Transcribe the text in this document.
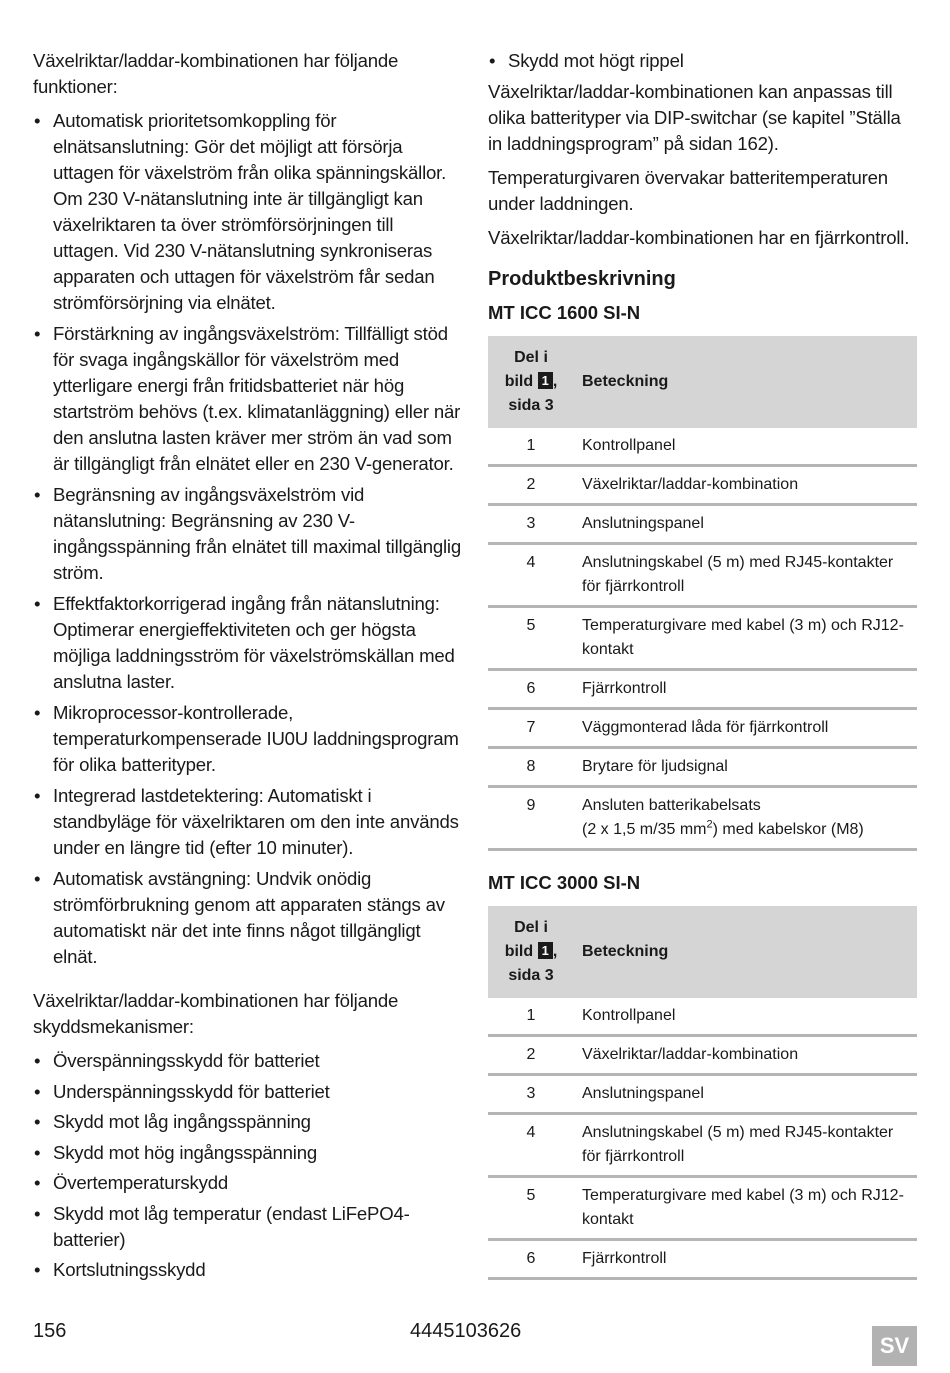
Växelriktar/laddar-kombinationen har följande funktioner:

• Automatisk prioritetsomkoppling för elnätsanslutning: Gör det möjligt att försörja uttagen för växelström från olika spänningskällor. Om 230 V-nätanslutning inte är tillgängligt kan växelriktaren ta över strömförsörjningen till uttagen. Vid 230 V-nätanslutning synkroniseras apparaten och uttagen för växelström får sedan strömförsörjning via elnätet.
• Förstärkning av ingångsväxelström: Tillfälligt stöd för svaga ingångskällor för växelström med ytterligare energi från fritidsbatteriet när hög startström behövs (t.ex. klimatanläggning) eller när den anslutna lasten kräver mer ström än vad som är tillgängligt från elnätet eller en 230 V-generator.
• Begränsning av ingångsväxelström vid nätanslutning: Begränsning av 230 V-ingångsspänning från elnätet till maximal tillgänglig ström.
• Effektfaktorkorrigerad ingång från nätanslutning: Optimerar energieffektiviteten och ger högsta möjliga laddningsström för växelströmskällan med anslutna laster.
• Mikroprocessor-kontrollerade, temperaturkompenserade IU0U laddningsprogram för olika batterityper.
• Integrerad lastdetektering: Automatiskt i standbyläge för växelriktaren om den inte används under en längre tid (efter 10 minuter).
• Automatisk avstängning: Undvik onödig strömförbrukning genom att apparaten stängs av automatiskt när det inte finns något tillgängligt elnät.

Växelriktar/laddar-kombinationen har följande skyddsmekanismer:

• Överspänningsskydd för batteriet
• Underspänningsskydd för batteriet
• Skydd mot låg ingångsspänning
• Skydd mot hög ingångsspänning
• Övertemperaturskydd
• Skydd mot låg temperatur (endast LiFePO4-batterier)
• Kortslutningsskydd
• Skydd mot högt rippel

Växelriktar/laddar-kombinationen kan anpassas till olika batterityper via DIP-switchar (se kapitel ”Ställa in laddningsprogram” på sidan 162).

Temperaturgivaren övervakar batteritemperaturen under laddningen.

Växelriktar/laddar-kombinationen har en fjärrkontroll.

Produktbeskrivning
MT ICC 1600 SI-N
Del i
bild 1 ,
sida 3	Beteckning
1	Kontrollpanel
2	Växelriktar/laddar-kombination
3	Anslutningspanel
4	Anslutningskabel (5 m) med RJ45-kontakter för fjärrkontroll
5	Temperaturgivare med kabel (3 m) och RJ12-kontakt
6	Fjärrkontroll
7	Väggmonterad låda för fjärrkontroll
8	Brytare för ljudsignal
9	Ansluten batterikabelsats
(2 x 1,5 m/35 $mm^2$) med kabelskor (M8)
MT ICC 3000 SI-N
Del i
bild 1 ,
sida 3	Beteckning
1	Kontrollpanel
2	Växelriktar/laddar-kombination
3	Anslutningspanel
4	Anslutningskabel (5 m) med RJ45-kontakter för fjärrkontroll
5	Temperaturgivare med kabel (3 m) och RJ12-kontakt
6	Fjärrkontroll
156	4445103626
SV
